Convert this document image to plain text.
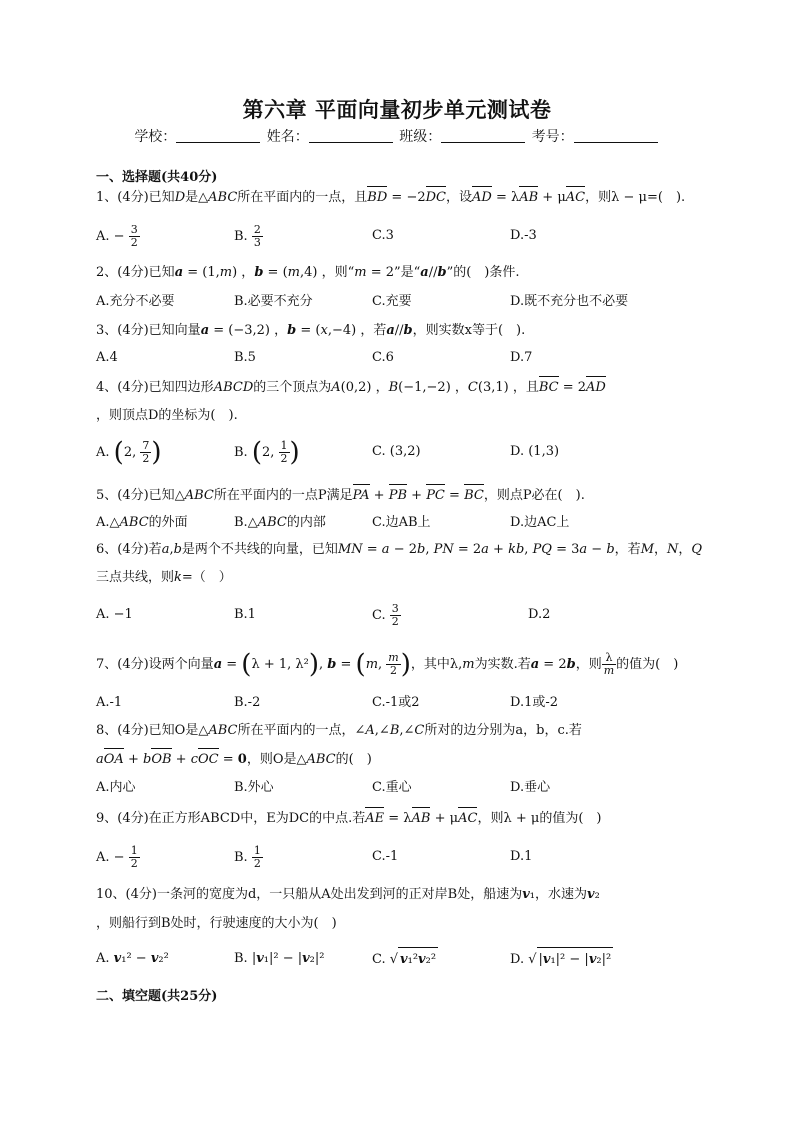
第六章 平面向量初步单元测试卷
学校：	姓名：	班级：	考号：
一、选择题(共40分)
1、(4分)已知D是△ABC所在平面内的一点，且BD = −2DC，设AD = λAB + μAC，则λ − μ=(　).
A. − $\frac{3}{2}$	B. $\frac{2}{3}$	C.3	D.-3
2、(4分)已知a = (1,m) ，b = (m,4) ，则“m = 2”是“a//b”的(　)条件.
A.充分不必要	B.必要不充分	C.充要	D.既不充分也不必要
3、(4分)已知向量a = (−3,2) ，b = (x,−4) ，若a//b，则实数x等于(　).
A.4	B.5	C.6	D.7
4、(4分)已知四边形ABCD的三个顶点为A(0,2) ，B(−1,−2) ，C(3,1) ，且BC = 2AD
，则顶点D的坐标为(　).
A. (2, $\frac{7}{2}$ )	B. (2, $\frac{1}{2}$ )	C. (3,2)	D. (1,3)
5、(4分)已知△ABC所在平面内的一点P满足PA + PB + PC = BC，则点P必在(　).
A.△ABC的外面	B.△ABC的内部	C.边AB上	D.边AC上
6、(4分)若a,b是两个不共线的向量，已知MN = a − 2b, PN = 2a + kb, PQ = 3a − b，若M，N，Q
三点共线，则k=（　）
A. −1	B.1	C. $\frac{3}{2}$	D.2
7、(4分)设两个向量a = (λ + 1, λ²), b = (m, $\frac{m}{2}$ )，其中λ,m为实数.若a = 2b，则 $\frac{\lambda}{m}$ 的值为(　)
A.-1	B.-2	C.-1或2	D.1或-2
8、(4分)已知O是△ABC所在平面内的一点，∠A,∠B,∠C所对的边分别为a，b，c.若
aOA + bOB + cOC = 0，则O是△ABC的(　)
A.内心	B.外心	C.重心	D.垂心
9、(4分)在正方形ABCD中，E为DC的中点.若AE = λAB + μAC，则λ + μ的值为(　)
A. − $\frac{1}{2}$	B. $\frac{1}{2}$	C.-1	D.1
10、(4分)一条河的宽度为d，一只船从A处出发到河的正对岸B处，船速为v₁，水速为v₂
，则船行到B处时，行驶速度的大小为(　)
A. v₁² − v₂²	B. |v₁|² − |v₂|²	C. √ v₁²v₂²	D. √ |v₁|² − |v₂|²
二、填空题(共25分)
